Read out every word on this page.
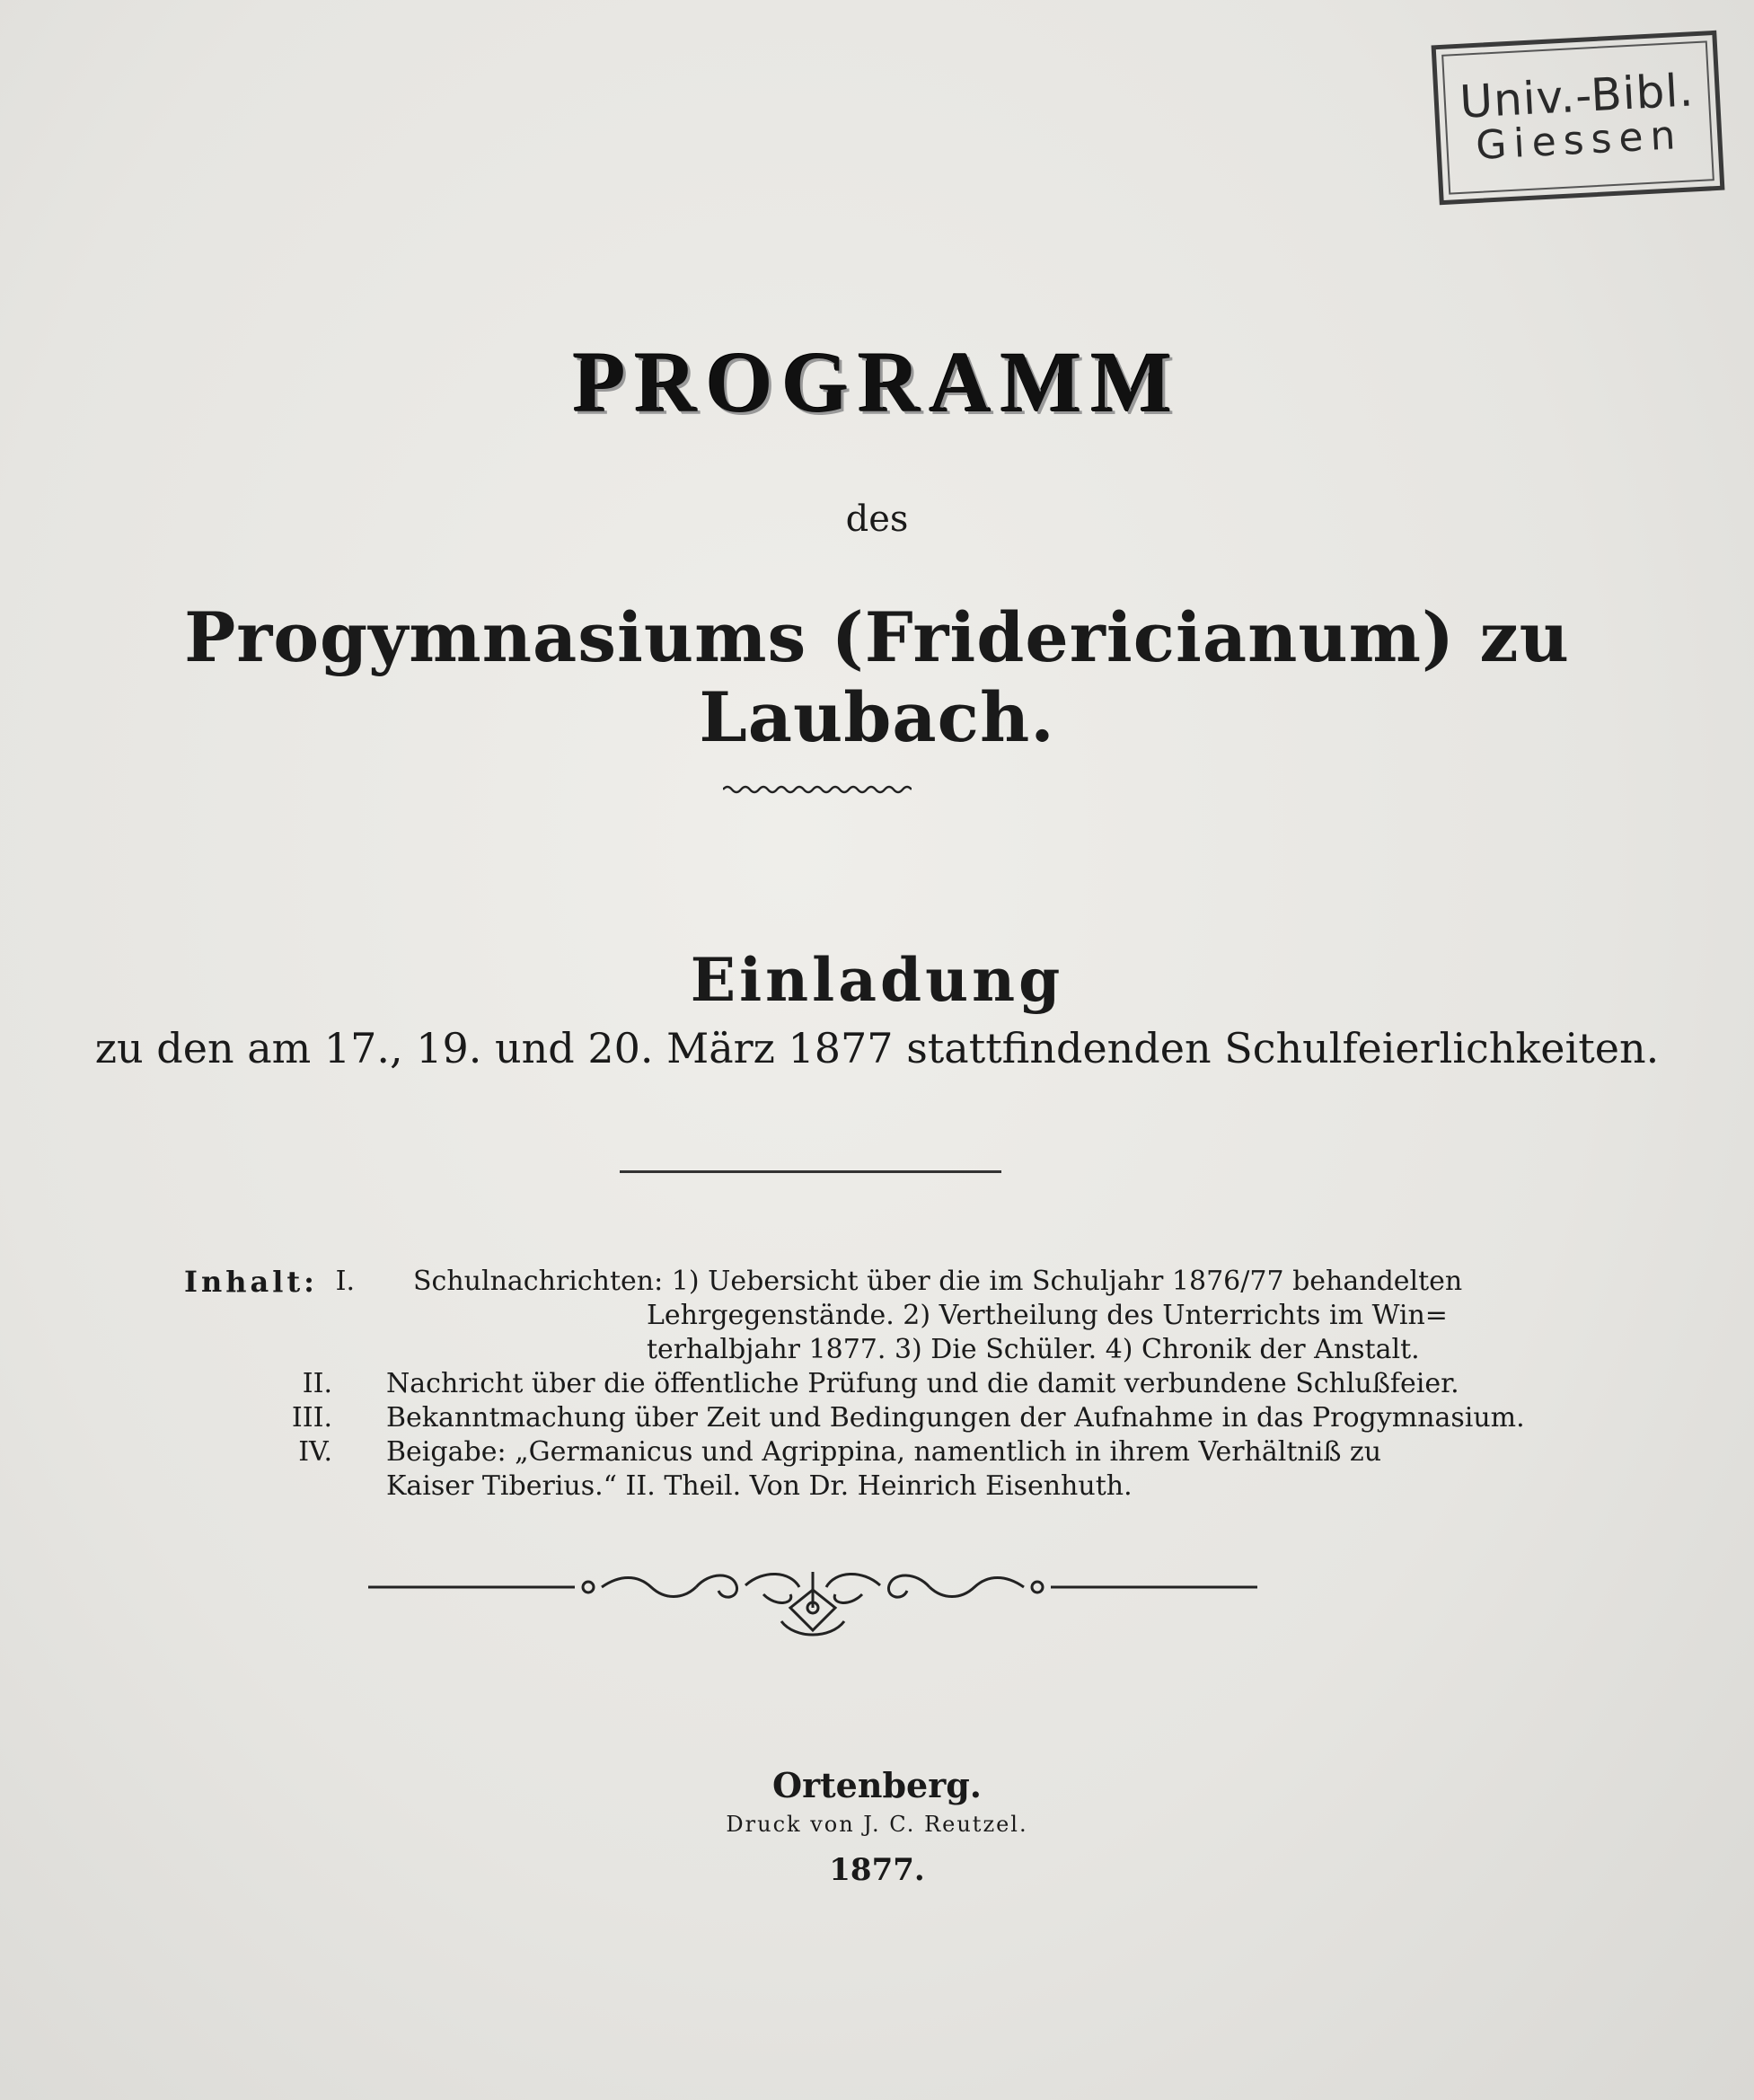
Univ.-Bibl.
Giessen
PROGRAMM
des
Progymnasiums (Fridericianum) zu Laubach.
Einladung
zu den am 17., 19. und 20. März 1877 stattfindenden Schulfeierlichkeiten.
Inhalt: I. Schulnachrichten: 1) Uebersicht über die im Schuljahr 1876/77 behandelten
Lehrgegenstände. 2) Vertheilung des Unterrichts im Win=
terhalbjahr 1877. 3) Die Schüler. 4) Chronik der Anstalt.
II. Nachricht über die öffentliche Prüfung und die damit verbundene Schlußfeier.
III. Bekanntmachung über Zeit und Bedingungen der Aufnahme in das Progymnasium.
IV. Beigabe: „Germanicus und Agrippina, namentlich in ihrem Verhältniß zu
Kaiser Tiberius.“ II. Theil. Von Dr. Heinrich Eisenhuth.
Ortenberg.
Druck von J. C. Reutzel.
1877.
